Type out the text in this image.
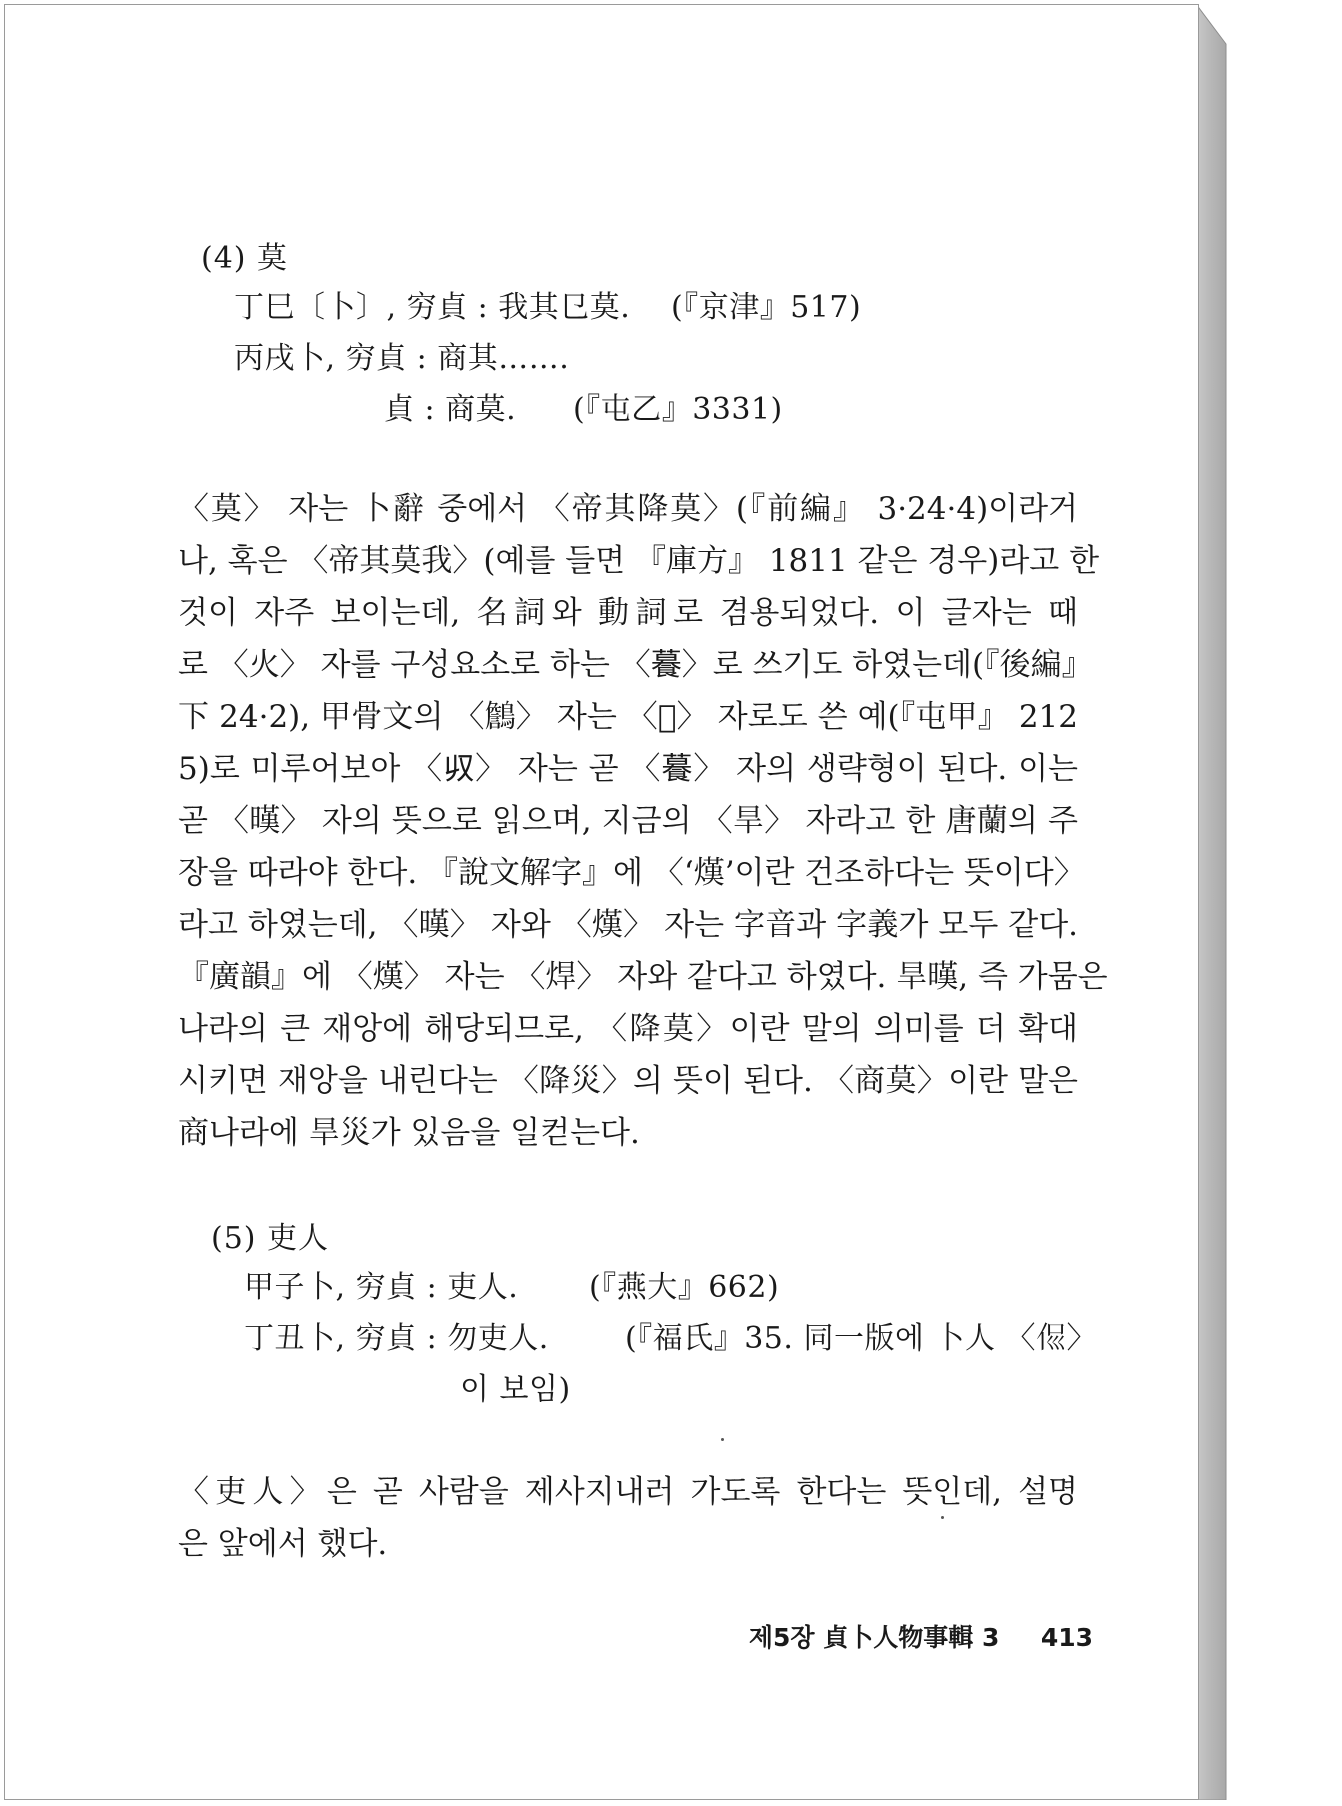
(4) 莫
丁巳〔卜〕, 穷貞 : 我其㔾莫. (『京津』517)
丙戌卜, 穷貞 : 商其…….
貞 : 商莫. (『屯乙』3331)
〈莫〉 자는 卜辭 중에서 〈帝其降莫〉(『前編』 3·24·4)이라거
나, 혹은 〈帝其莫我〉(예를 들면 『庫方』 1811 같은 경우)라고 한
것이 자주 보이는데, 名詞와 動詞로 겸용되었다. 이 글자는 때
로 〈火〉 자를 구성요소로 하는 〈𦿉〉로 쓰기도 하였는데(『後編』
下 24·2), 甲骨文의 〈𪆻〉 자는 〈𦽣〉 자로도 쓴 예(『屯甲』 212
5)로 미루어보아 〈𠬞〉 자는 곧 〈𦿉〉 자의 생략형이 된다. 이는
곧 〈暵〉 자의 뜻으로 읽으며, 지금의 〈旱〉 자라고 한 唐蘭의 주
장을 따라야 한다. 『說文解字』에 〈‘熯’이란 건조하다는 뜻이다〉
라고 하였는데, 〈暵〉 자와 〈熯〉 자는 字音과 字義가 모두 같다.
『廣韻』에 〈熯〉 자는 〈焊〉 자와 같다고 하였다. 旱暵, 즉 가뭄은
나라의 큰 재앙에 해당되므로, 〈降莫〉이란 말의 의미를 더 확대
시키면 재앙을 내린다는 〈降災〉의 뜻이 된다. 〈商莫〉이란 말은
商나라에 旱災가 있음을 일컫는다.
(5) 吏人
甲子卜, 穷貞 : 吏人. (『燕大』662)
丁丑卜, 穷貞 : 勿吏人.	(『福氏』35. 同一版에 卜人 〈𠈉〉
이 보임)
〈吏人〉은 곧 사람을 제사지내러 가도록 한다는 뜻인데, 설명
은 앞에서 했다.
제5장 貞卜人物事輯 3 413
